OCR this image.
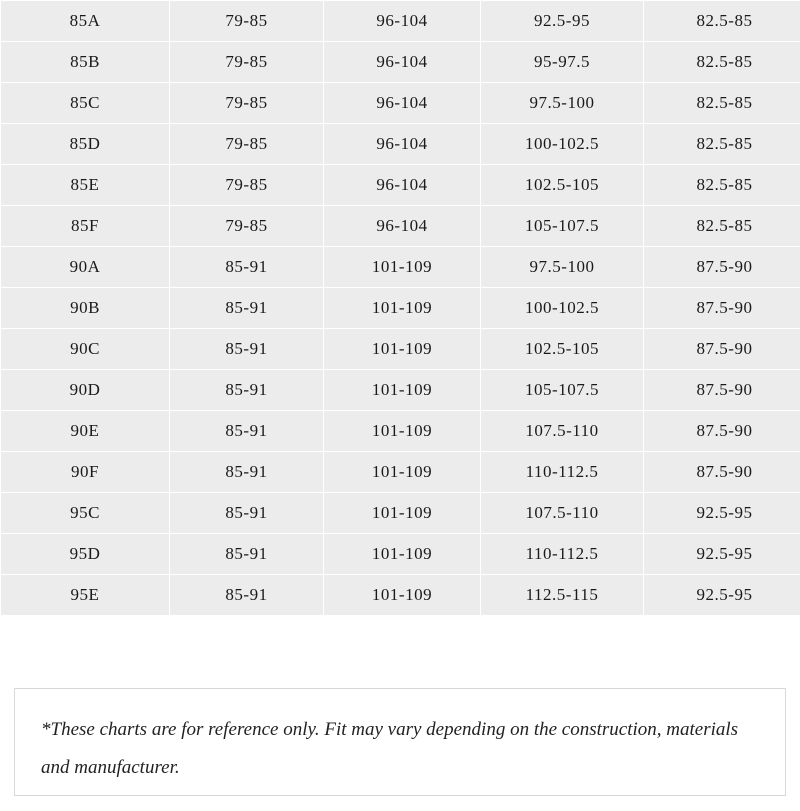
85A	79-85	96-104	92.5-95	82.5-85
85B	79-85	96-104	95-97.5	82.5-85
85C	79-85	96-104	97.5-100	82.5-85
85D	79-85	96-104	100-102.5	82.5-85
85E	79-85	96-104	102.5-105	82.5-85
85F	79-85	96-104	105-107.5	82.5-85
90A	85-91	101-109	97.5-100	87.5-90
90B	85-91	101-109	100-102.5	87.5-90
90C	85-91	101-109	102.5-105	87.5-90
90D	85-91	101-109	105-107.5	87.5-90
90E	85-91	101-109	107.5-110	87.5-90
90F	85-91	101-109	110-112.5	87.5-90
95C	85-91	101-109	107.5-110	92.5-95
95D	85-91	101-109	110-112.5	92.5-95
95E	85-91	101-109	112.5-115	92.5-95
*These charts are for reference only. Fit may vary depending on the construction, materials and manufacturer.
